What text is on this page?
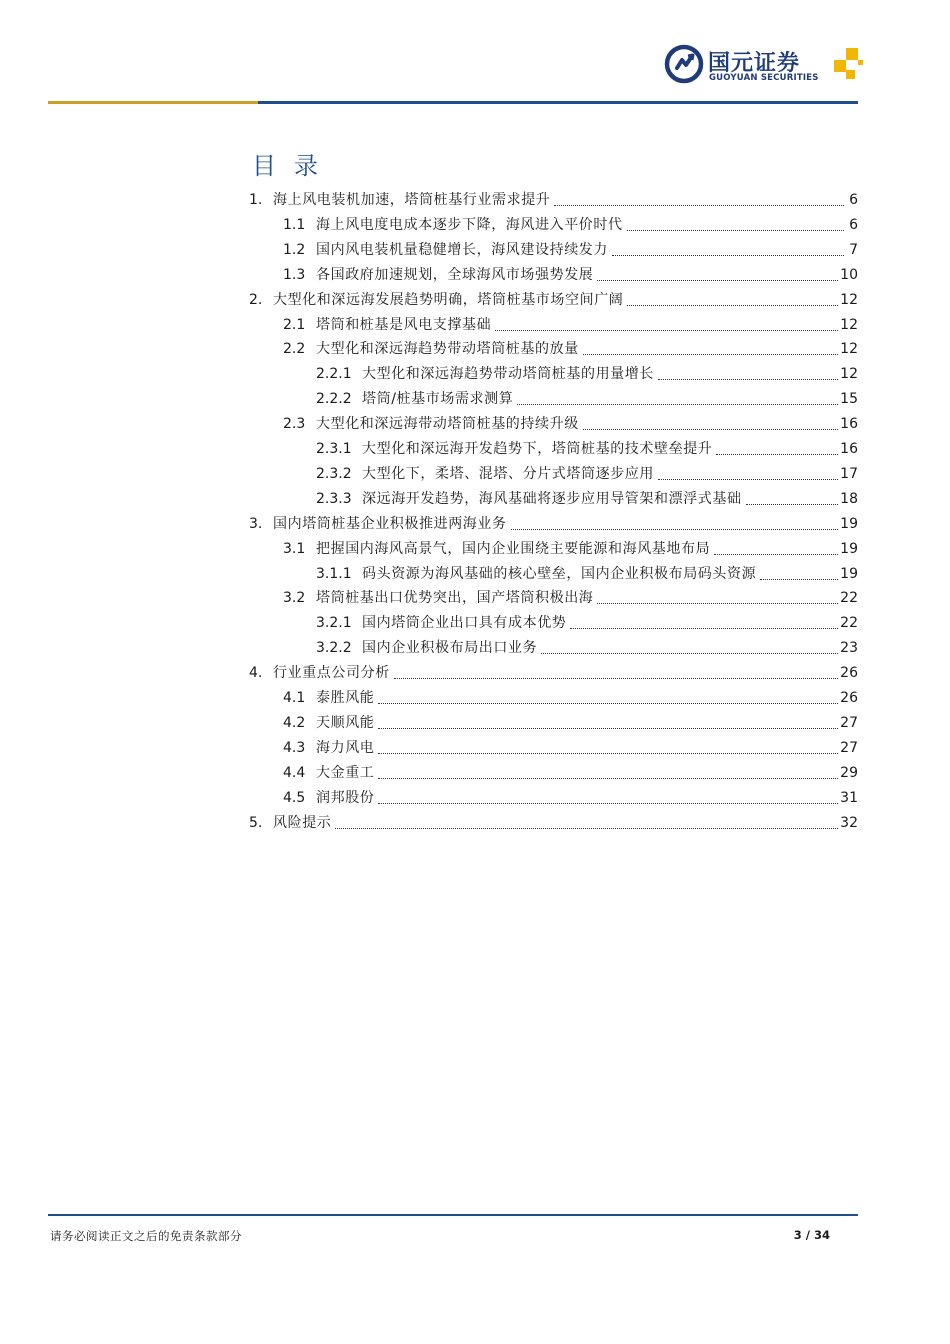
国元证券
GUOYUAN SECURITIES
目录
1. 海上风电装机加速，塔筒桩基行业需求提升	6
1.1 海上风电度电成本逐步下降，海风进入平价时代	6
1.2 国内风电装机量稳健增长，海风建设持续发力	7
1.3 各国政府加速规划，全球海风市场强势发展	10
2. 大型化和深远海发展趋势明确，塔筒桩基市场空间广阔	12
2.1 塔筒和桩基是风电支撑基础	12
2.2 大型化和深远海趋势带动塔筒桩基的放量	12
2.2.1 大型化和深远海趋势带动塔筒桩基的用量增长	12
2.2.2 塔筒/桩基市场需求测算	15
2.3 大型化和深远海带动塔筒桩基的持续升级	16
2.3.1 大型化和深远海开发趋势下，塔筒桩基的技术壁垒提升	16
2.3.2 大型化下，柔塔、混塔、分片式塔筒逐步应用	17
2.3.3 深远海开发趋势，海风基础将逐步应用导管架和漂浮式基础	18
3. 国内塔筒桩基企业积极推进两海业务	19
3.1 把握国内海风高景气，国内企业围绕主要能源和海风基地布局	19
3.1.1 码头资源为海风基础的核心壁垒，国内企业积极布局码头资源	19
3.2 塔筒桩基出口优势突出，国产塔筒积极出海	22
3.2.1 国内塔筒企业出口具有成本优势	22
3.2.2 国内企业积极布局出口业务	23
4. 行业重点公司分析	26
4.1 泰胜风能	26
4.2 天顺风能	27
4.3 海力风电	27
4.4 大金重工	29
4.5 润邦股份	31
5. 风险提示	32
请务必阅读正文之后的免责条款部分	3 / 34
